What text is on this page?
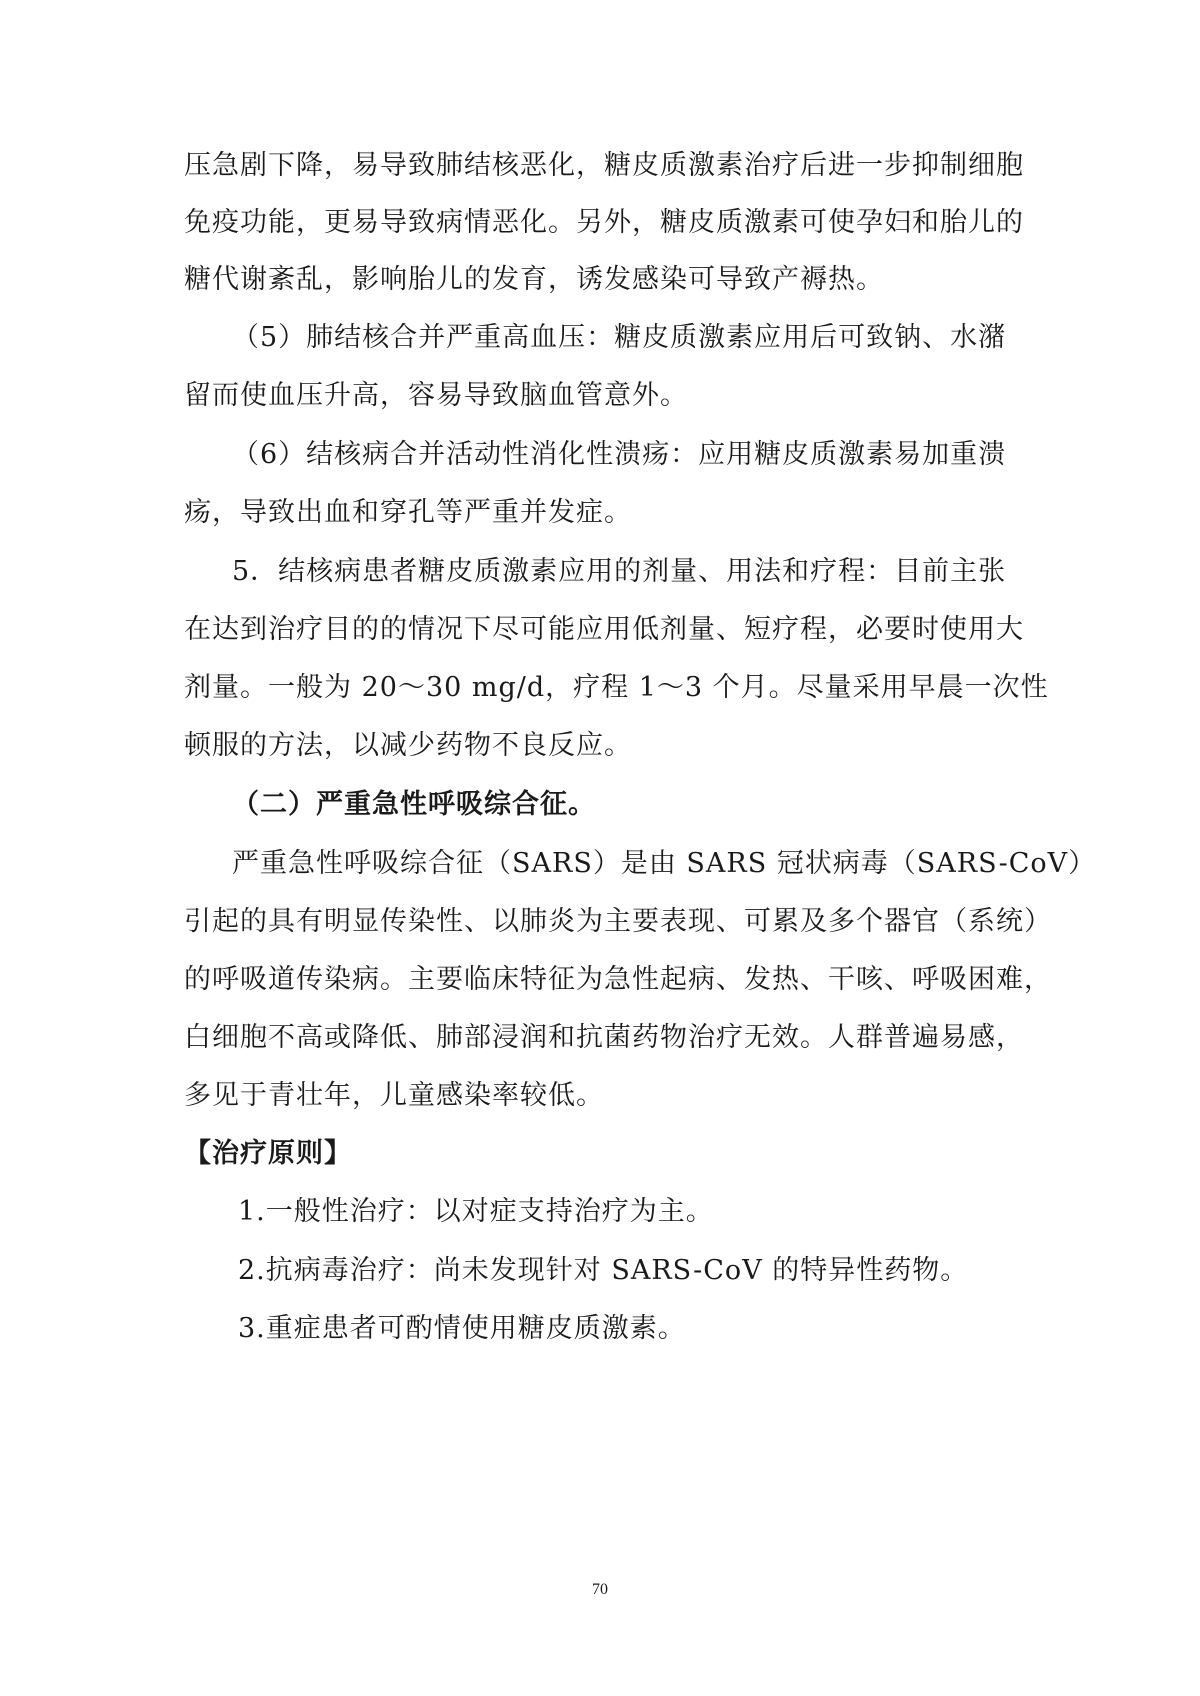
压急剧下降，易导致肺结核恶化，糖皮质激素治疗后进一步抑制细胞
免疫功能，更易导致病情恶化。另外，糖皮质激素可使孕妇和胎儿的
糖代谢紊乱，影响胎儿的发育，诱发感染可导致产褥热。
（5）肺结核合并严重高血压：糖皮质激素应用后可致钠、水潴
留而使血压升高，容易导致脑血管意外。
（6）结核病合并活动性消化性溃疡：应用糖皮质激素易加重溃
疡，导致出血和穿孔等严重并发症。
5．结核病患者糖皮质激素应用的剂量、用法和疗程：目前主张
在达到治疗目的的情况下尽可能应用低剂量、短疗程，必要时使用大
剂量。一般为 20～30 mg/d，疗程 1～3 个月。尽量采用早晨一次性
顿服的方法，以减少药物不良反应。
（二）严重急性呼吸综合征。
严重急性呼吸综合征（SARS）是由 SARS 冠状病毒（SARS-CoV）
引起的具有明显传染性、以肺炎为主要表现、可累及多个器官（系统）
的呼吸道传染病。主要临床特征为急性起病、发热、干咳、呼吸困难，
白细胞不高或降低、肺部浸润和抗菌药物治疗无效。人群普遍易感，
多见于青壮年，儿童感染率较低。
【治疗原则】
1.一般性治疗：以对症支持治疗为主。
2.抗病毒治疗：尚未发现针对 SARS-CoV 的特异性药物。
3.重症患者可酌情使用糖皮质激素。
70
